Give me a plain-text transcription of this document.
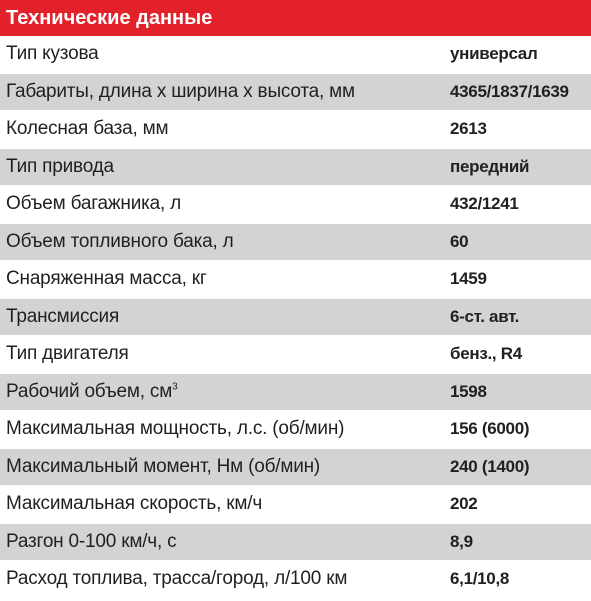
Технические данные
Тип кузова	универсал
Габариты, длина х ширина х высота, мм	4365/1837/1639
Колесная база, мм	2613
Тип привода	передний
Объем багажника, л	432/1241
Объем топливного бака, л	60
Снаряженная масса, кг	1459
Трансмиссия	6-ст. авт.
Тип двигателя	бенз., R4
Рабочий объем, $см^3$	1598
Максимальная мощность, л.с. (об/мин)	156 (6000)
Максимальный момент, Нм (об/мин)	240 (1400)
Максимальная скорость, км/ч	202
Разгон 0-100 км/ч, с	8,9
Расход топлива, трасса/город, л/100 км	6,1/10,8
